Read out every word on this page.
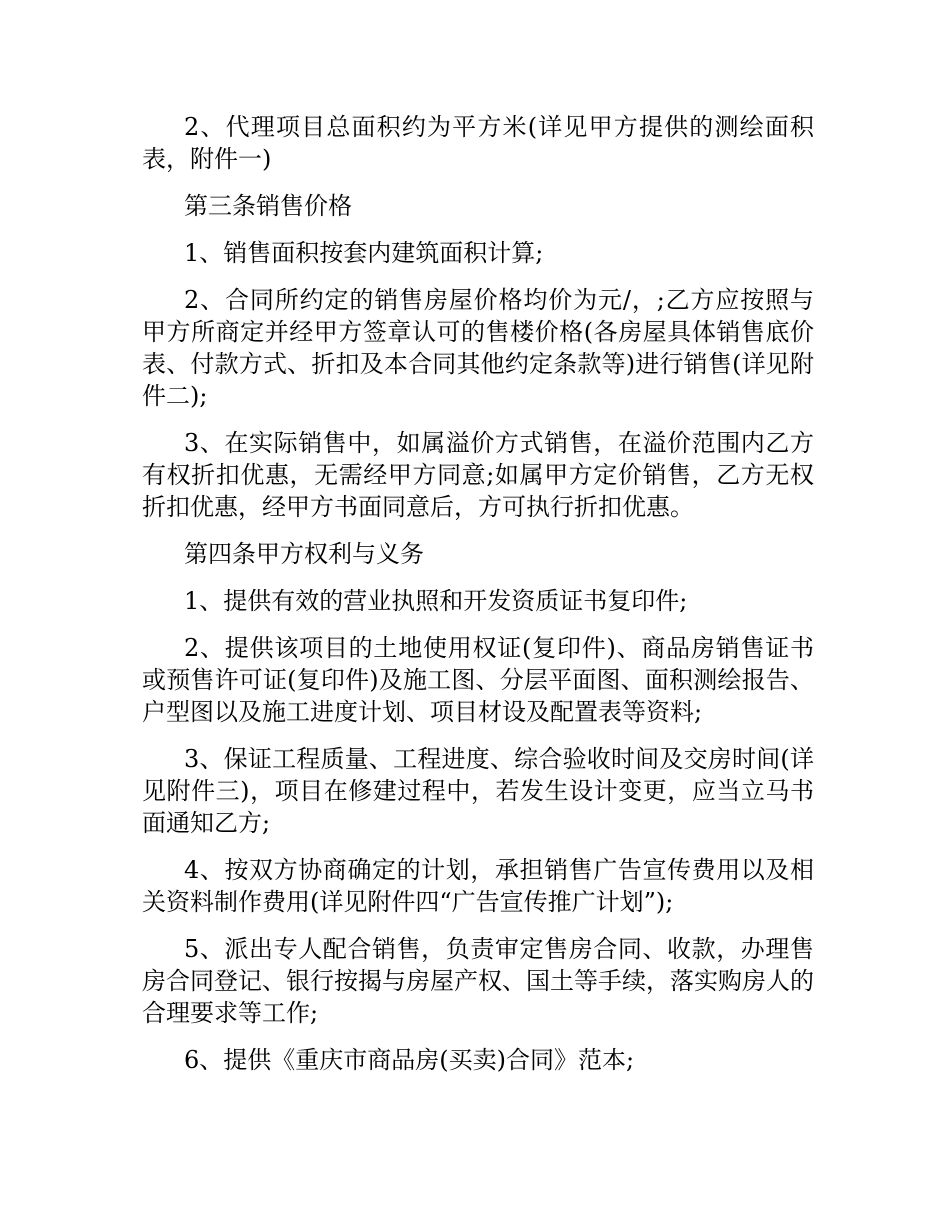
2、代理项目总面积约为平方米(详见甲方提供的测绘面积表，附件一)

第三条销售价格

1、销售面积按套内建筑面积计算;

2、合同所约定的销售房屋价格均价为元/，;乙方应按照与甲方所商定并经甲方签章认可的售楼价格(各房屋具体销售底价表、付款方式、折扣及本合同其他约定条款等)进行销售(详见附件二);

3、在实际销售中，如属溢价方式销售，在溢价范围内乙方有权折扣优惠，无需经甲方同意;如属甲方定价销售，乙方无权折扣优惠，经甲方书面同意后，方可执行折扣优惠。

第四条甲方权利与义务

1、提供有效的营业执照和开发资质证书复印件;

2、提供该项目的土地使用权证(复印件)、商品房销售证书或预售许可证(复印件)及施工图、分层平面图、面积测绘报告、户型图以及施工进度计划、项目材设及配置表等资料;

3、保证工程质量、工程进度、综合验收时间及交房时间(详见附件三)，项目在修建过程中，若发生设计变更，应当立马书面通知乙方;

4、按双方协商确定的计划，承担销售广告宣传费用以及相关资料制作费用(详见附件四“广告宣传推广计划”);

5、派出专人配合销售，负责审定售房合同、收款，办理售房合同登记、银行按揭与房屋产权、国土等手续，落实购房人的合理要求等工作;

6、提供《重庆市商品房(买卖)合同》范本;
